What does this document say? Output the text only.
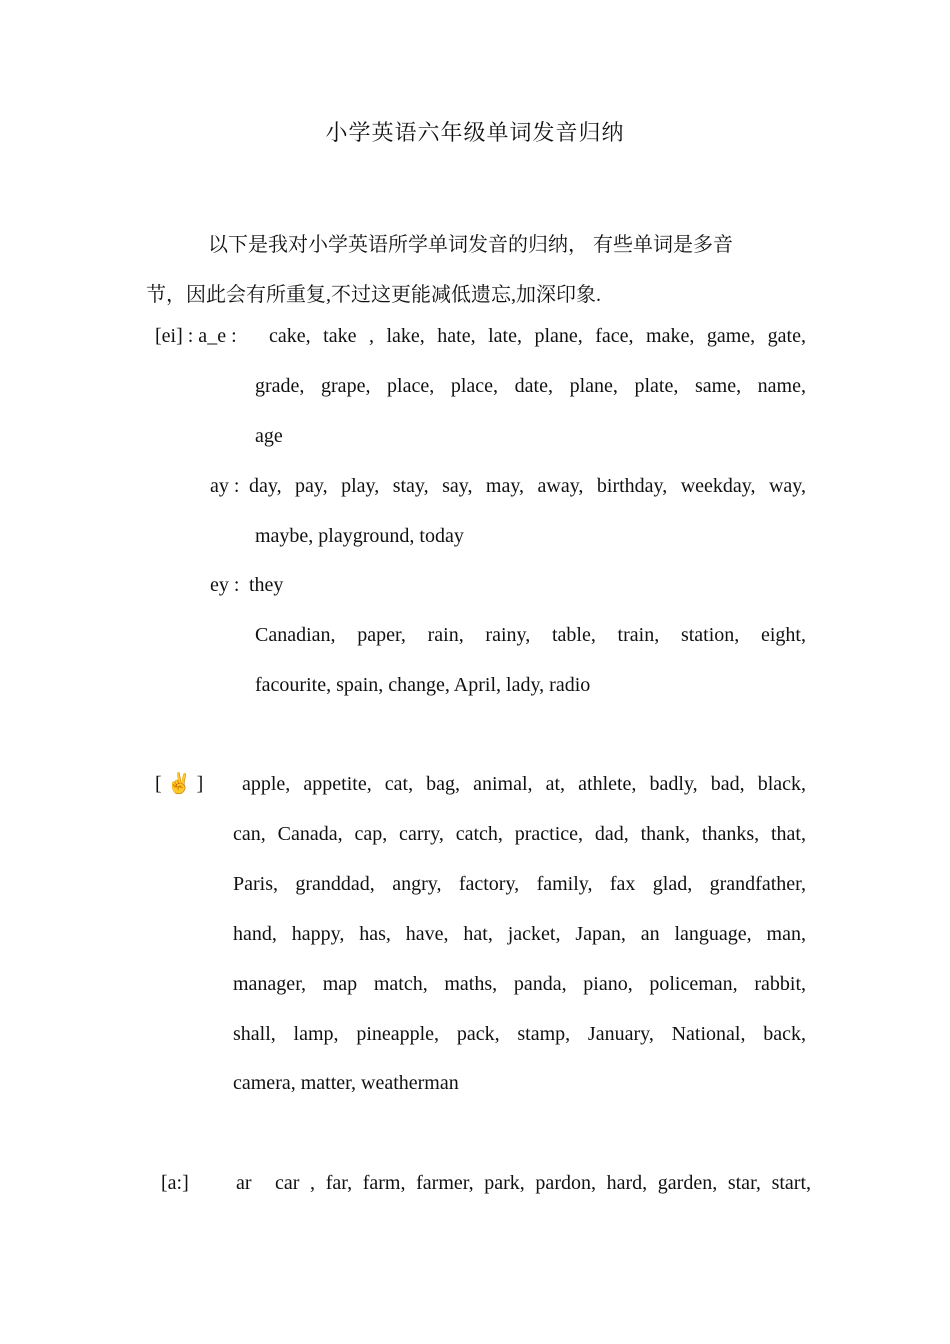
小学英语六年级单词发音归纳
以下是我对小学英语所学单词发音的归纳， 有些单词是多音
节，因此会有所重复,不过这更能减低遗忘,加深印象.
[ei] : a_e : cake, take , lake, hate, late, plane, face, make, game, gate,
grade, grape, place, place, date, plane, plate, same, name,
age
ay : day, pay, play, stay, say, may, away, birthday, weekday, way,
maybe, playground, today
ey : they
Canadian, paper, rain, rainy, table, train, station, eight,
facourite, spain, change, April, lady, radio
[ ✌ ] apple, appetite, cat, bag, animal, at, athlete, badly, bad, black,
can, Canada, cap, carry, catch, practice, dad, thank, thanks, that,
Paris, granddad, angry, factory, family, fax glad, grandfather,
hand, happy, has, have, hat, jacket, Japan, an language, man,
manager, map match, maths, panda, piano, policeman, rabbit,
shall, lamp, pineapple, pack, stamp, January, National, back,
camera, matter, weatherman
[a:] ar car , far, farm, farmer, park, pardon, hard, garden, star, start,
